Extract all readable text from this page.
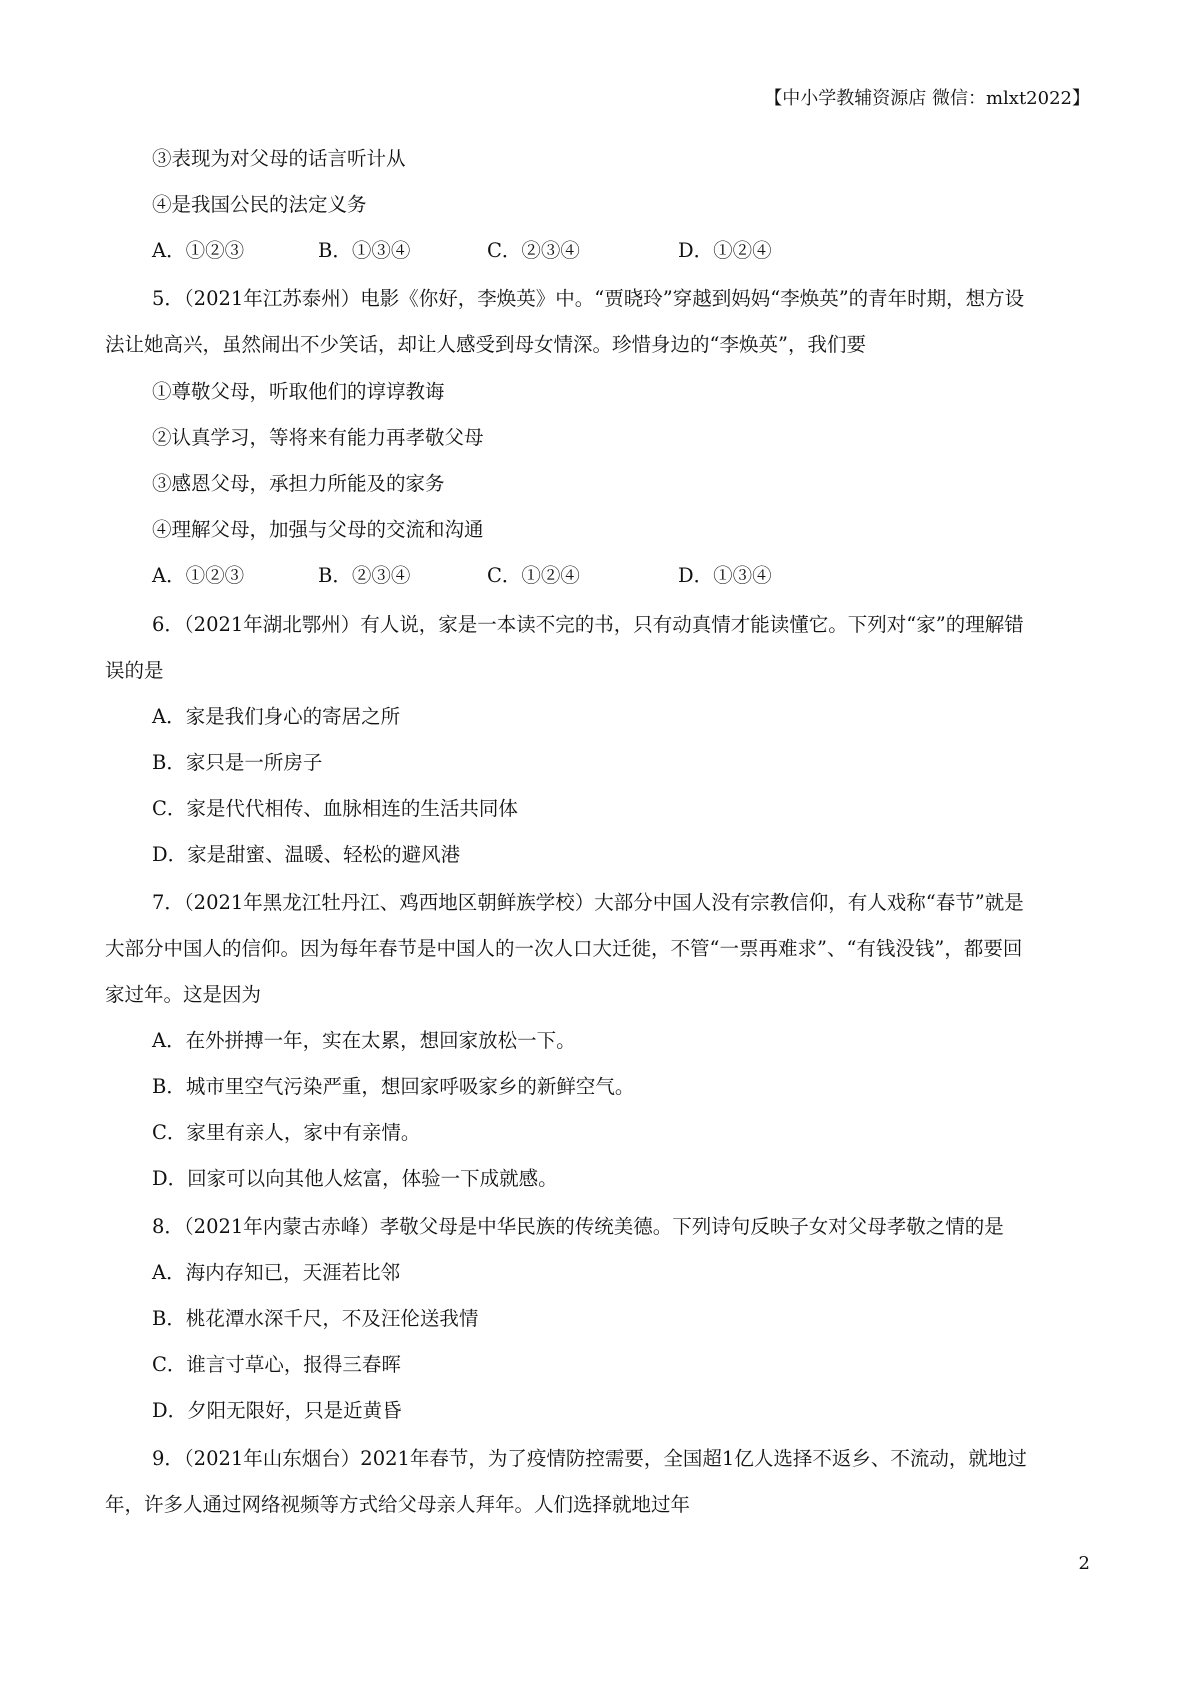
【中小学教辅资源店 微信：mlxt2022】
③表现为对父母的话言听计从
④是我国公民的法定义务
A．①②③	B．①③④	C．②③④	D．①②④
5．（2021年江苏泰州）电影《你好，李焕英》中。“贾晓玲”穿越到妈妈“李焕英”的青年时期，想方设
法让她高兴，虽然闹出不少笑话，却让人感受到母女情深。珍惜身边的“李焕英”，我们要
①尊敬父母，听取他们的谆谆教诲
②认真学习，等将来有能力再孝敬父母
③感恩父母，承担力所能及的家务
④理解父母，加强与父母的交流和沟通
A．①②③	B．②③④	C．①②④	D．①③④
6．（2021年湖北鄂州）有人说，家是一本读不完的书，只有动真情才能读懂它。下列对“家”的理解错
误的是
A．家是我们身心的寄居之所
B．家只是一所房子
C．家是代代相传、血脉相连的生活共同体
D．家是甜蜜、温暖、轻松的避风港
7．（2021年黑龙江牡丹江、鸡西地区朝鲜族学校）大部分中国人没有宗教信仰，有人戏称“春节”就是
大部分中国人的信仰。因为每年春节是中国人的一次人口大迁徙，不管“一票再难求”、“有钱没钱”，都要回
家过年。这是因为
A．在外拼搏一年，实在太累，想回家放松一下。
B．城市里空气污染严重，想回家呼吸家乡的新鲜空气。
C．家里有亲人，家中有亲情。
D．回家可以向其他人炫富，体验一下成就感。
8．（2021年内蒙古赤峰）孝敬父母是中华民族的传统美德。下列诗句反映子女对父母孝敬之情的是
A．海内存知已，天涯若比邻
B．桃花潭水深千尺，不及汪伦送我情
C．谁言寸草心，报得三春晖
D．夕阳无限好，只是近黄昏
9．（2021年山东烟台）2021年春节，为了疫情防控需要，全国超1亿人选择不返乡、不流动，就地过
年，许多人通过网络视频等方式给父母亲人拜年。人们选择就地过年
2
